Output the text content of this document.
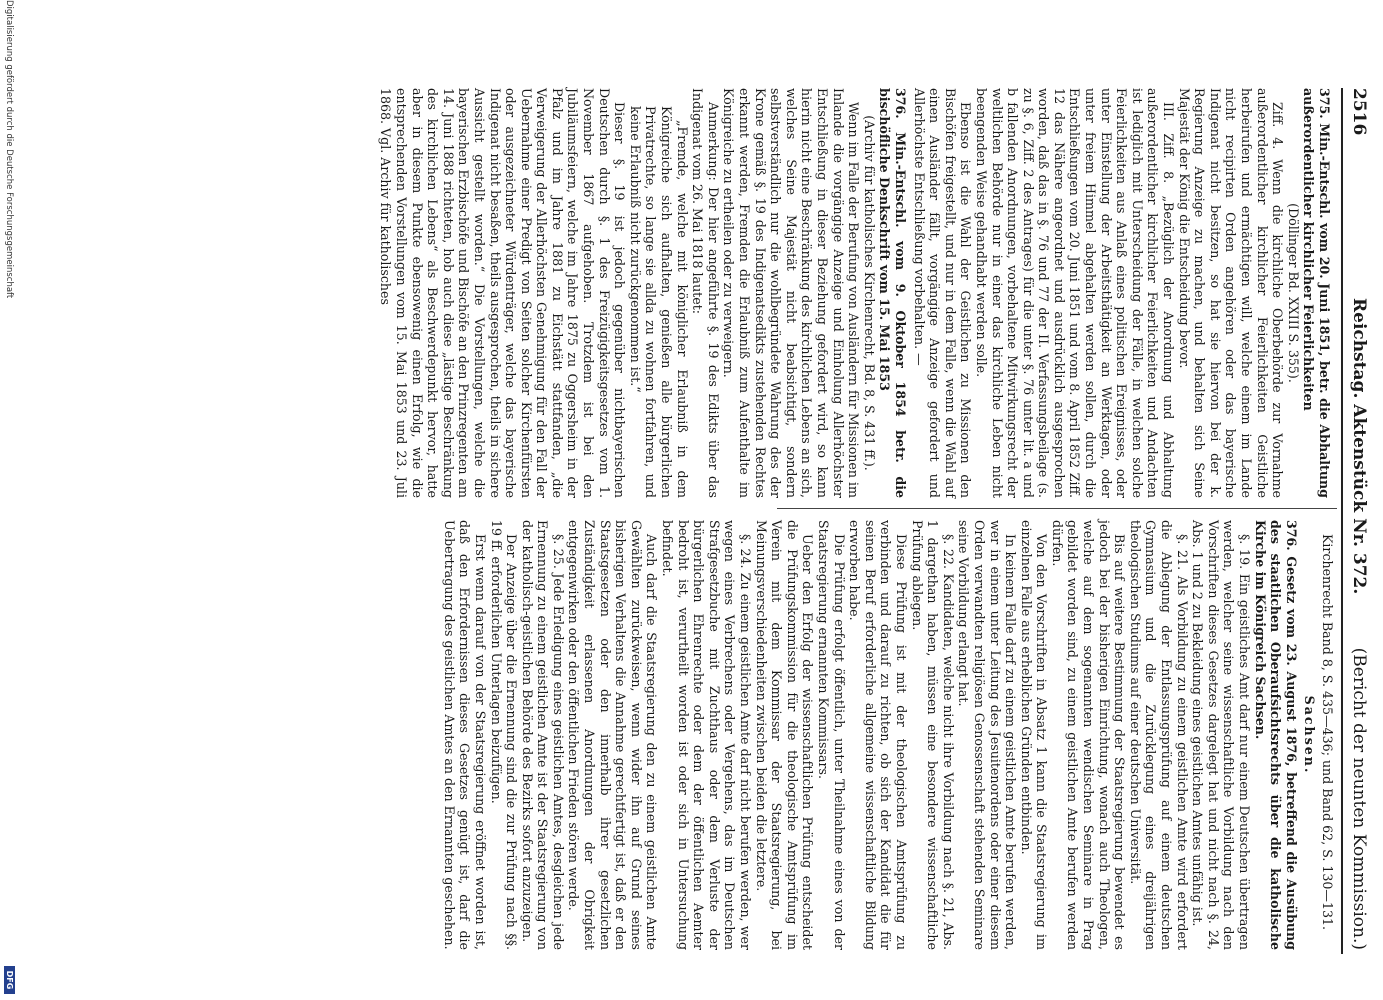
2516
Reichstag. Aktenstück Nr. 372.
(Bericht der neunten Kommission.)

375. Min.-Entschl. vom 20. Juni 1851, betr. die Abhaltung außerordentlicher kirchlicher Feierlichkeiten

(Döllinger Bd. XXIII S. 355).

Ziff. 4. Wenn die kirchliche Oberbehörde zur Vornahme außerordentlicher kirchlicher Feierlichkeiten Geistliche herbeirufen und ermächtigen will, welche einem im Lande nicht recipirten Orden angehören oder das bayerische Indigenat nicht besitzen, so hat sie hiervon bei der k. Regierung Anzeige zu machen, und behalten sich Seine Majestät der König die Entscheidung bevor.

III. Ziff. 8. „Bezüglich der Anordnung und Abhaltung außerordentlicher kirchlicher Feierlichkeiten und Andachten ist lediglich mit Unterscheidung der Fälle, in welchen solche Feierlichkeiten aus Anlaß eines politischen Ereignisses, oder unter Einstellung der Arbeitsthätigkeit an Werktagen, oder unter freiem Himmel abgehalten werden sollen, durch die Entschließungen vom 20. Juni 1851 und vom 8. April 1852 Ziff. 12 das Nähere angeordnet und ausdrücklich ausgesprochen worden, daß das in §. 76 und 77 der II. Verfassungsbeilage (s. zu §. 6, Ziff. 2 des Antrages) für die unter §. 76 unter lit. a und b fallenden Anordnungen, vorbehaltene Mitwirkungsrecht der weltlichen Behörde nur in einer das kirchliche Leben nicht beengenden Weise gehandhabt werden solle.

Ebenso ist die Wahl der Geistlichen zu Missionen den Bischöfen freigestellt, und nur in dem Falle, wenn die Wahl auf einen Ausländer fällt, vorgängige Anzeige gefordert und Allerhöchste Entschließung vorbehalten. —

376. Min.-Entschl. vom 9. Oktober 1854 betr. die bischöfliche Denkschrift vom 15. Mai 1853

(Archiv für katholisches Kirchenrecht, Bd. 8, S. 431 ff.).

Wenn im Falle der Berufung von Ausländern für Missionen im Inlande die vorgängige Anzeige und Einholung Allerhöchster Entschließung in dieser Beziehung gefordert wird, so kann hierin nicht eine Beschränkung des kirchlichen Lebens an sich, welches Seine Majestät nicht beabsichtigt, sondern selbstverständlich nur die wohlbegründete Wahrung des der Krone gemäß §. 19 des Indigenatsedikts zustehenden Rechtes erkannt werden, Fremden die Erlaubniß zum Aufenthalte im Königreiche zu ertheilen oder zu verweigern.

Anmerkung: Der hier angeführte §. 19 des Edikts über das Indigenat vom 26. Mai 1818 lautet:

„Fremde, welche mit königlicher Erlaubniß in dem Königreiche sich aufhalten, genießen alle bürgerlichen Privatrechte, so lange sie allda zu wohnen fortfahren, und keine Erlaubniß nicht zurückgenommen ist.“

Dieser §. 19 ist jedoch gegenüber nichtbayerischen Deutschen durch §. 1 des Freizügigkeitsgesetzes vom 1. November 1867 aufgehoben. Trotzdem ist bei den Jubiläumsfeiern, welche im Jahre 1875 zu Oggersheim in der Pfalz und im Jahre 1881 zu Eichstätt stattfanden, „die Verweigerung der Allerhöchsten Genehmigung für den Fall der Uebernahme einer Predigt von Seiten solcher Kirchenfürsten oder ausgezeichneter Würdenträger, welche das bayerische Indigenat nicht besaßen, theils ausgesprochen, theils in sichere Aussicht gestellt worden.“ Die Vorstellungen, welche die bayerischen Erzbischöfe und Bischöfe an den Prinzregenten am 14. Juni 1888 richteten, hob auch diese „lästige Beschränkung des kirchlichen Lebens“ als Beschwerdepunkt hervor, hatte aber in diesem Punkte ebensowenig einen Erfolg, wie die entsprechenden Vorstellungen vom 15. Mai 1853 und 23. Juli 1868. Vgl. Archiv für katholisches

Kirchenrecht Band 8, S. 435—436; und Band 62, S. 130—131.

Sachsen.

376. Gesetz vom 23. August 1876, betreffend die Ausübung des staatlichen Oberaufsichtsrechts über die katholische Kirche im Königreich Sachsen.

§. 19. Ein geistliches Amt darf nur einem Deutschen übertragen werden, welcher seine wissenschaftliche Vorbildung nach den Vorschriften dieses Gesetzes dargelegt hat und nicht nach §. 24, Abs. 1 und 2 zu Bekleidung eines geistlichen Amtes unfähig ist.

§. 21. Als Vorbildung zu einem geistlichen Amte wird erfordert die Ablegung der Entlassungsprüfung auf einem deutschen Gymnasium und die Zurücklegung eines dreijährigen theologischen Studiums auf einer deutschen Universität.

Bis auf weitere Bestimmung der Staatsregierung bewendet es jedoch bei der bisherigen Einrichtung, wonach auch Theologen, welche auf dem sogenannten wendischen Seminare in Prag gebildet worden sind, zu einem geistlichen Amte berufen werden dürfen.

Von den Vorschriften in Absatz 1 kann die Staatsregierung im einzelnen Falle aus erheblichen Gründen entbinden.

In keinem Falle darf zu einem geistlichen Amte berufen werden, wer in einem unter Leitung des Jesuitenordens oder einer diesem Orden verwandten religiösen Genossenschaft stehenden Seminare seine Vorbildung erlangt hat.

§. 22. Kandidaten, welche nicht ihre Vorbildung nach §. 21, Abs. 1 dargethan haben, müssen eine besondere wissenschaftliche Prüfung ablegen.

Diese Prüfung ist mit der theologischen Amtsprüfung zu verbinden und darauf zu richten, ob sich der Kandidat die für seinen Beruf erforderliche allgemeine wissenschaftliche Bildung erworben habe.

Die Prüfung erfolgt öffentlich, unter Theilnahme eines von der Staatsregierung ernannten Kommissars.

Ueber den Erfolg der wissenschaftlichen Prüfung entscheidet die Prüfungskommission für die theologische Amtsprüfung im Verein mit dem Kommissar der Staatsregierung, bei Meinungsverschiedenheiten zwischen beiden die letztere.

§. 24. Zu einem geistlichen Amte darf nicht berufen werden, wer wegen eines Verbrechens oder Vergehens, das im Deutschen Strafgesetzbuche mit Zuchthaus oder dem Verluste der bürgerlichen Ehrenrechte oder dem der öffentlichen Aemter bedroht ist, verurtheilt worden ist oder sich in Untersuchung befindet.

Auch darf die Staatsregierung den zu einem geistlichen Amte Gewählten zurückweisen, wenn wider ihn auf Grund seines bisherigen Verhaltens die Annahme gerechtfertigt ist, daß er den Staatsgesetzen oder den innerhalb ihrer gesetzlichen Zuständigkeit erlassenen Anordnungen der Obrigkeit entgegenwirken oder den öffentlichen Frieden stören werde.

§. 25. Jede Erledigung eines geistlichen Amtes, desgleichen jede Ernennung zu einem geistlichen Amte ist der Staatsregierung von der katholisch-geistlichen Behörde des Bezirks sofort anzuzeigen.

Der Anzeige über die Ernennung sind die zur Prüfung nach §§. 19 ff. erforderlichen Unterlagen beizufügen.

Erst wenn darauf von der Staatsregierung eröffnet worden ist, daß den Erfordernissen dieses Gesetzes genügt ist, darf die Uebertragung des geistlichen Amtes an den Ernannten geschehen.

Digitalisierung gefördert durch die Deutsche Forschungsgemeinschaft
DFG
